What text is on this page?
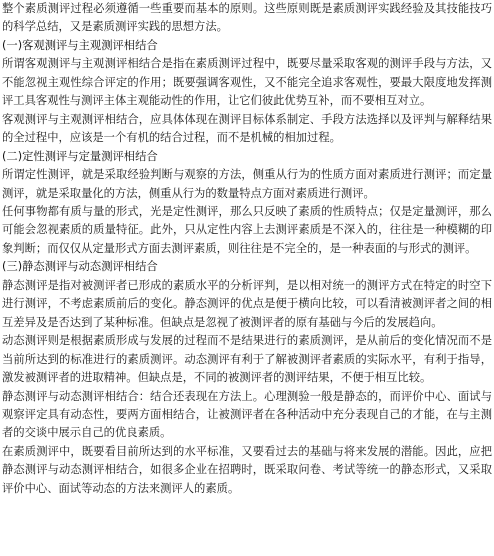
整个素质测评过程必须遵循一些重要而基本的原则。这些原则既是素质测评实践经验及其技能技巧的科学总结，又是素质测评实践的思想方法。

(一)客观测评与主观测评相结合

所谓客观测评与主观测评相结合是指在素质测评过程中，既要尽量采取客观的测评手段与方法，又不能忽视主观性综合评定的作用；既要强调客观性，又不能完全追求客观性，要最大限度地发挥测评工具客观性与测评主体主观能动性的作用，让它们彼此优势互补，而不要相互对立。

客观测评与主观测评相结合，应具体体现在测评目标体系制定、手段方法选择以及评判与解释结果的全过程中，应该是一个有机的结合过程，而不是机械的相加过程。

(二)定性测评与定量测评相结合

所谓定性测评，就是采取经验判断与观察的方法，侧重从行为的性质方面对素质进行测评；而定量测评，就是采取量化的方法，侧重从行为的数量特点方面对素质进行测评。

任何事物都有质与量的形式，光是定性测评，那么只反映了素质的性质特点；仅是定量测评，那么可能会忽视素质的质量特征。此外，只从定性内容上去测评素质是不深入的，往往是一种模糊的印象判断；而仅仅从定量形式方面去测评素质，则往往是不完全的，是一种表面的与形式的测评。

(三)静态测评与动态测评相结合

静态测评是指对被测评者已形成的素质水平的分析评判，是以相对统一的测评方式在特定的时空下进行测评，不考虑素质前后的变化。静态测评的优点是便于横向比较，可以看清被测评者之间的相互差异及是否达到了某种标准。但缺点是忽视了被测评者的原有基础与今后的发展趋向。

动态测评则是根据素质形成与发展的过程而不是结果进行的素质测评，是从前后的变化情况而不是当前所达到的标准进行的素质测评。动态测评有利于了解被测评者素质的实际水平，有利于指导，激发被测评者的进取精神。但缺点是，不同的被测评者的测评结果，不便于相互比较。

静态测评与动态测评相结合：结合还表现在方法上。心理测验一般是静态的，而评价中心、面试与观察评定具有动态性，要两方面相结合，让被测评者在各种活动中充分表现自己的才能，在与主测者的交谈中展示自己的优良素质。

在素质测评中，既要看目前所达到的水平标准，又要看过去的基础与将来发展的潜能。因此，应把静态测评与动态测评相结合，如很多企业在招聘时，既采取问卷、考试等统一的静态形式，又采取评价中心、面试等动态的方法来测评人的素质。
